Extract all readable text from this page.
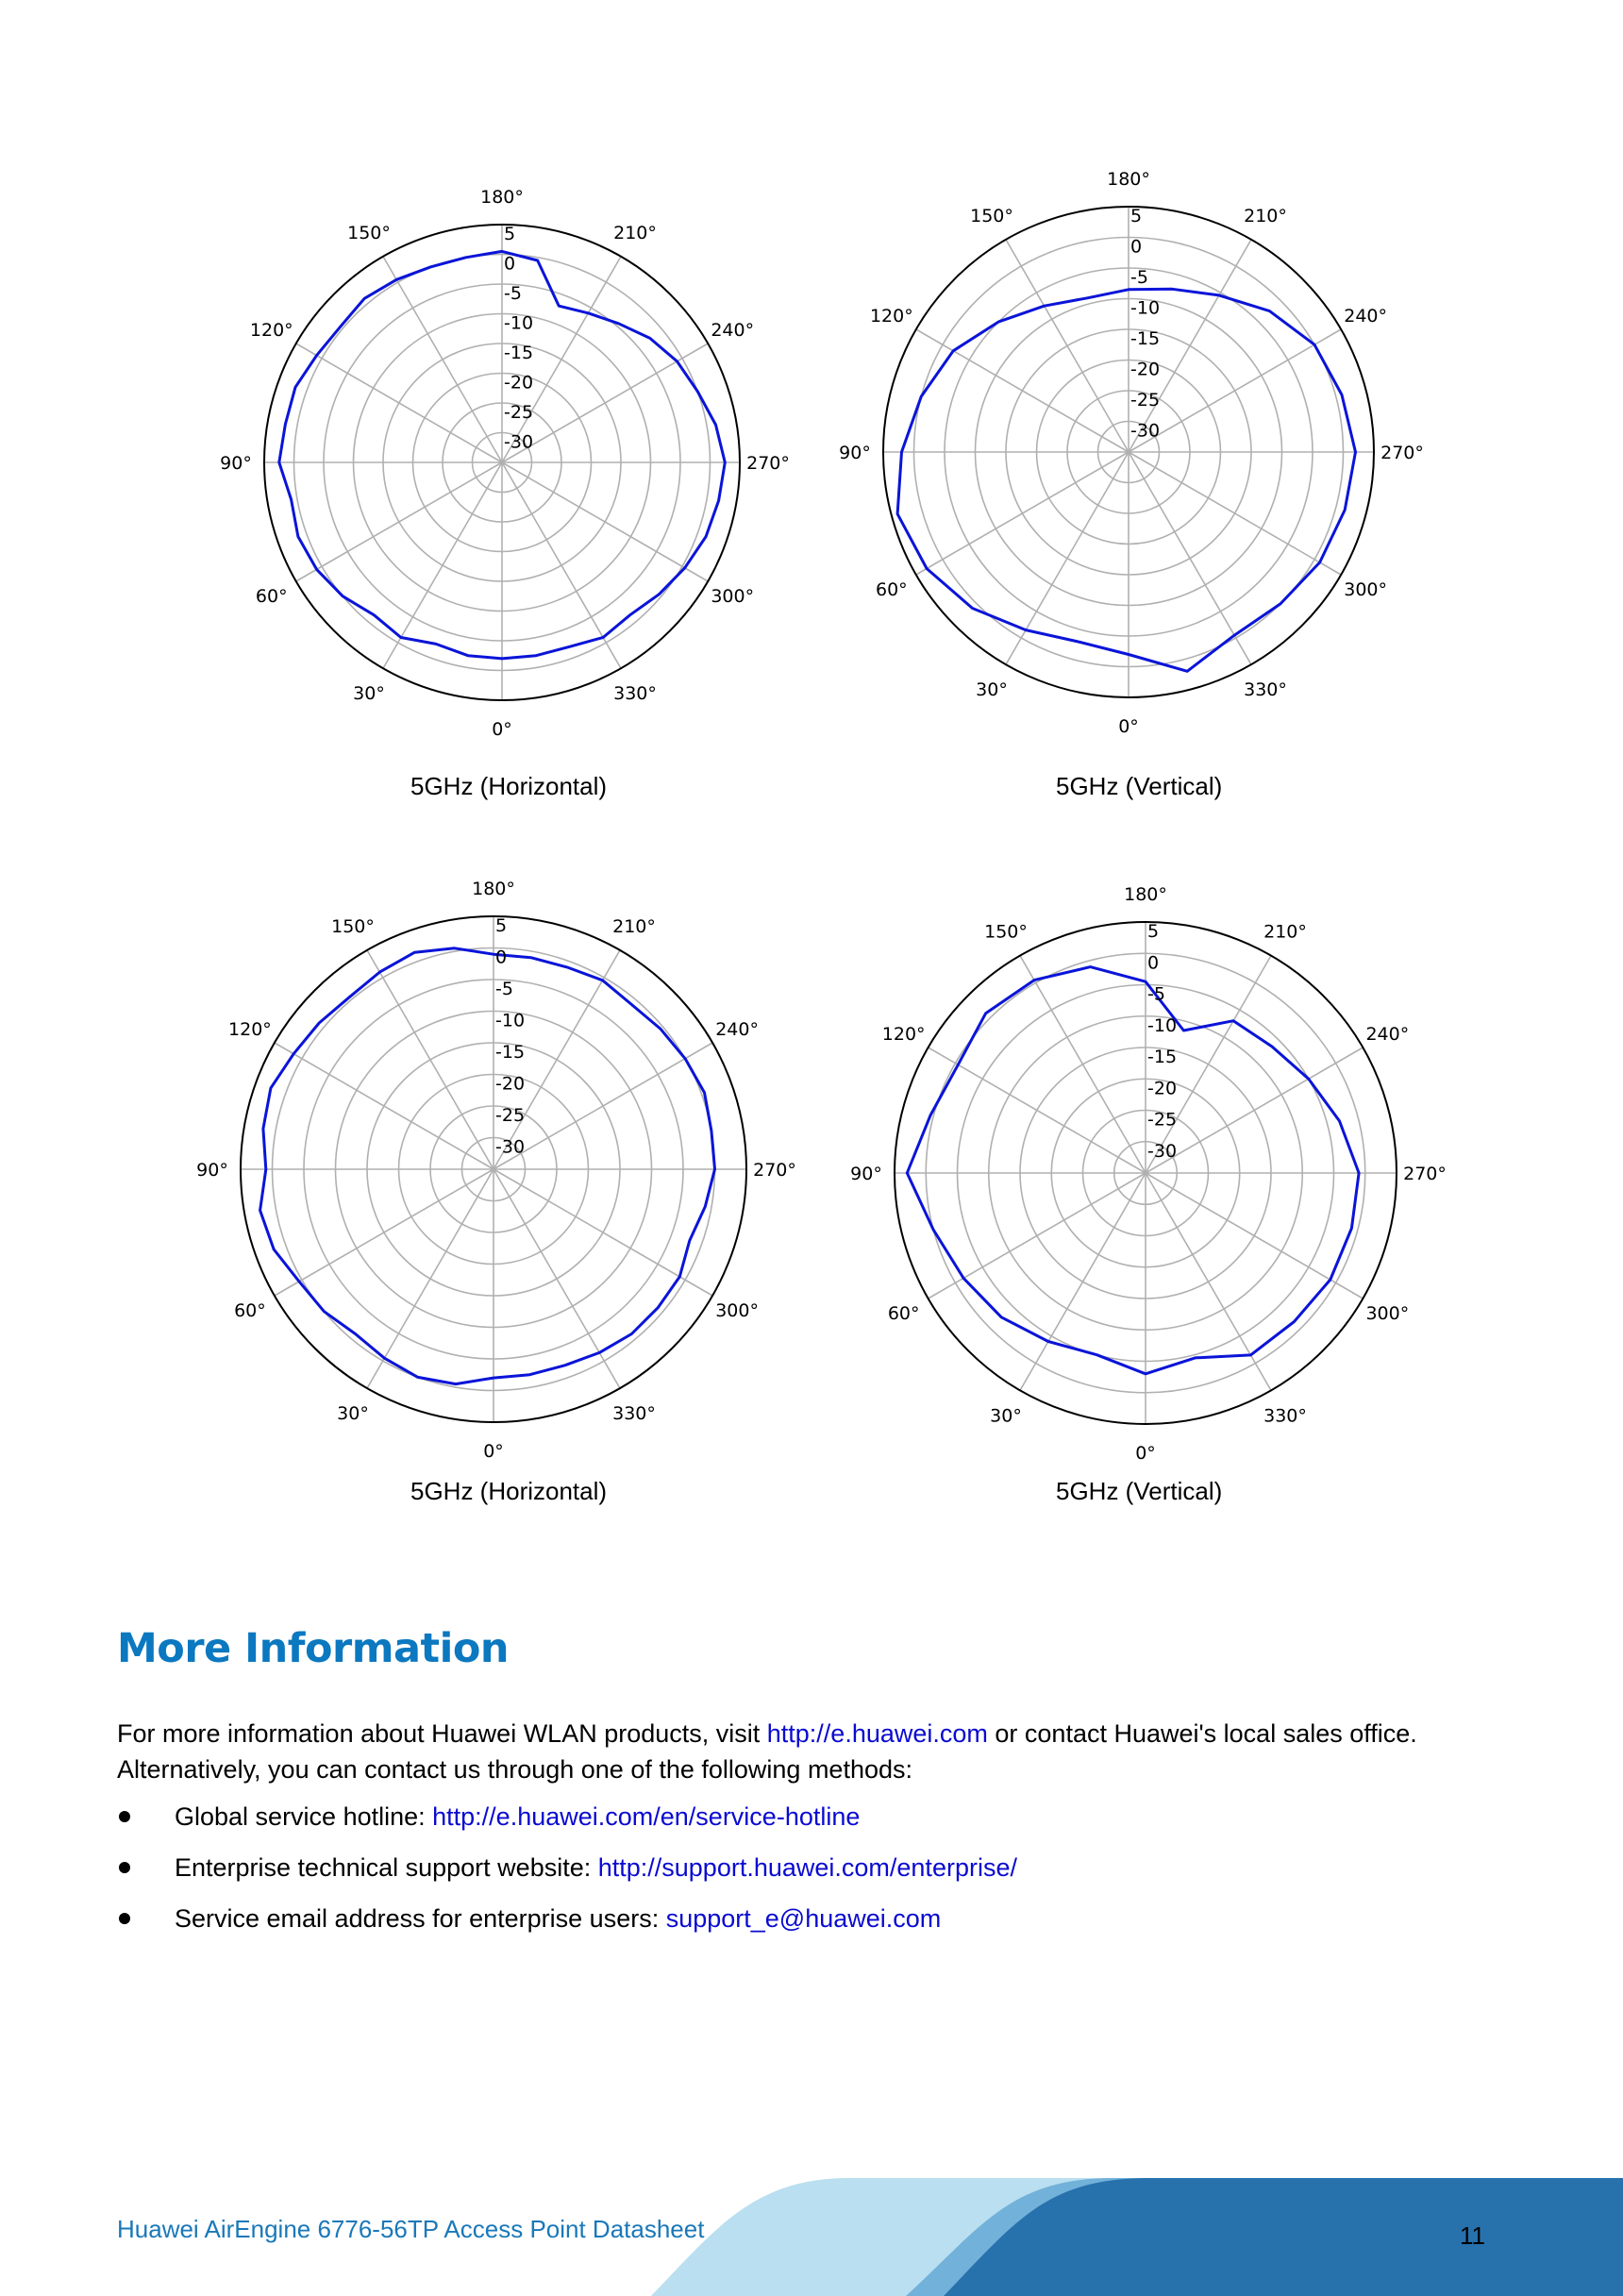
0°
30°
60°
90°
120°
150°
180°
210°
240°
270°
300°
330°
5
0
-5
-10
-15
-20
-25
-30
0°
30°
60°
90°
120°
150°
180°
210°
240°
270°
300°
330°
5
0
-5
-10
-15
-20
-25
-30
0°
30°
60°
90°
120°
150°
180°
210°
240°
270°
300°
330°
5
0
-5
-10
-15
-20
-25
-30
0°
30°
60°
90°
120°
150°
180°
210°
240°
270°
300°
330°
5
0
-5
-10
-15
-20
-25
-30
5GHz (Horizontal)	5GHz (Vertical)
5GHz (Horizontal)	5GHz (Vertical)
More Information
For more information about Huawei WLAN products, visit http://e.huawei.com or contact Huawei's local sales office. Alternatively, you can contact us through one of the following methods:
Global service hotline: http://e.huawei.com/en/service-hotline
Enterprise technical support website: http://support.huawei.com/enterprise/
Service email address for enterprise users: support_e@huawei.com
Huawei AirEngine 6776-56TP Access Point Datasheet	11
